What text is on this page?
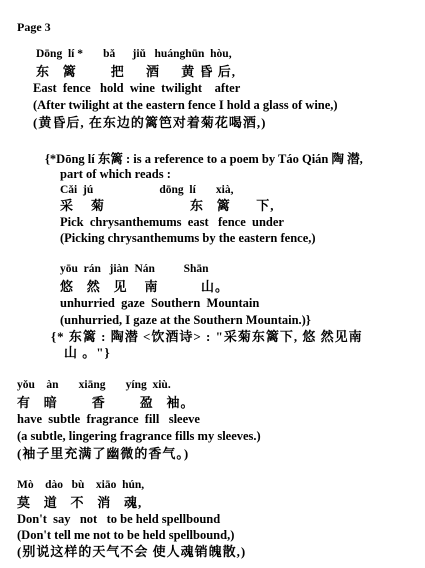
Page 3
Dōng  lí *       bǎ      jiǔ   huánghūn  hòu,
东   篱        把     酒     黄 昏 后,
East  fence   hold  wine  twilight    after
(After twilight at the eastern fence I hold a glass of wine,)
(黄昏后, 在东边的篱笆对着菊花喝酒,)
{*Dōng lí 东篱 : is a reference to a poem by Táo Qián 陶 潜,
part of which reads :
Cǎi  jú                       dōng  lí       xià,
采    菊                    东   篱      下,
Pick  chrysanthemums  east   fence  under
(Picking chrysanthemums by the eastern fence,)
yōu  rán   jiàn  Nán          Shān
悠   然   见    南          山。
unhurried  gaze  Southern  Mountain
(unhurried, I gaze at the Southern Mountain.)}
{* 东篱 : 陶潜 <饮酒诗> : "采菊东篱下, 悠 然见南
山 。"}
yǒu    àn       xiāng       yíng  xiù.
有   暗        香        盈   袖。
have  subtle  fragrance  fill   sleeve
(a subtle, lingering fragrance fills my sleeves.)
(袖子里充满了幽微的香气。)
Mò    dào   bù    xiāo  hún,
莫   道   不   消   魂,
Don't  say   not   to be held spellbound
(Don't tell me not to be held spellbound,)
(别说这样的天气不会 使人魂销魄散,)
